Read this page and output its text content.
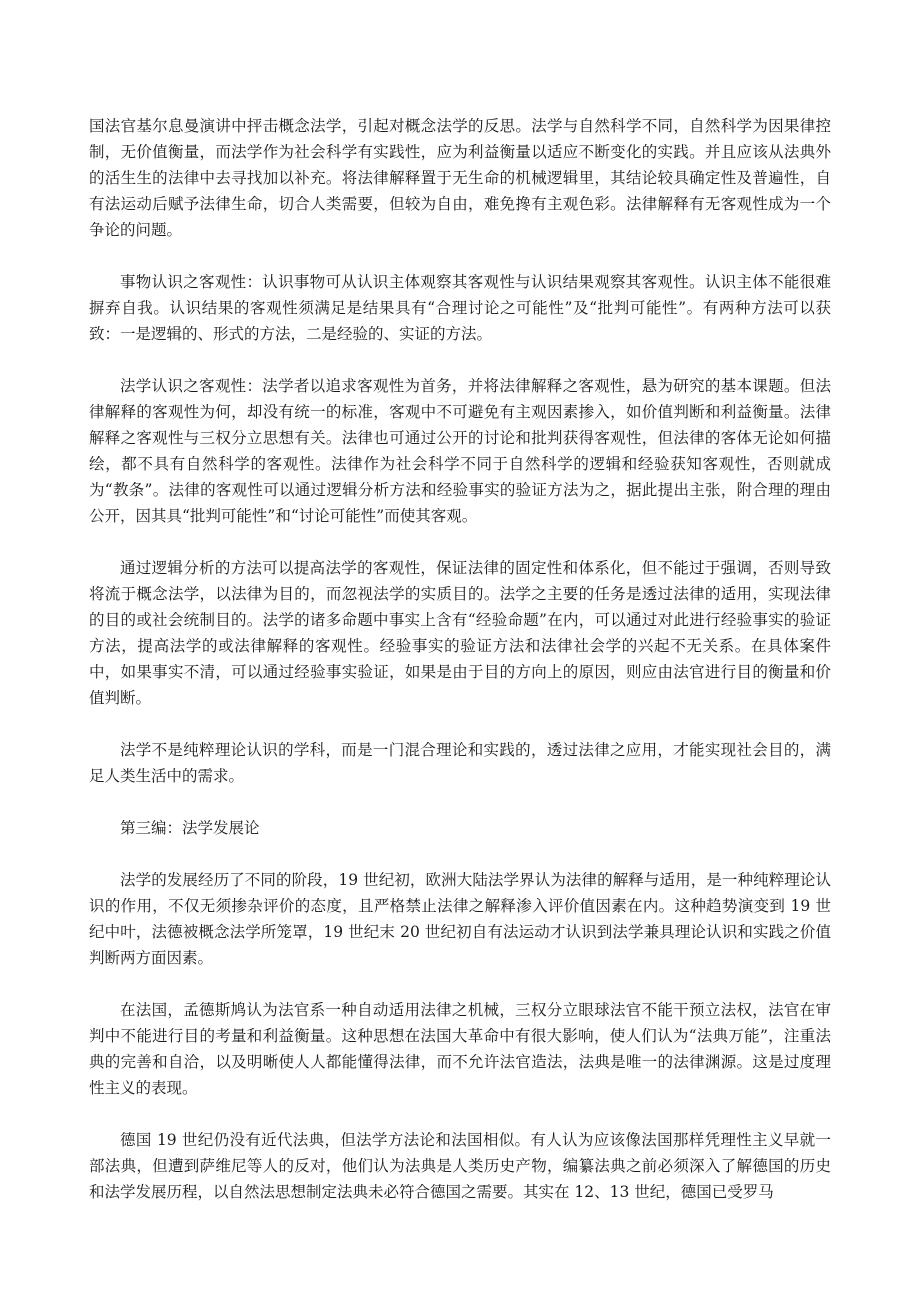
国法官基尔息曼演讲中抨击概念法学，引起对概念法学的反思。法学与自然科学不同，自然科学为因果律控制，无价值衡量，而法学作为社会科学有实践性，应为利益衡量以适应不断变化的实践。并且应该从法典外的活生生的法律中去寻找加以补充。将法律解释置于无生命的机械逻辑里，其结论较具确定性及普遍性，自有法运动后赋予法律生命，切合人类需要，但较为自由，难免搀有主观色彩。法律解释有无客观性成为一个争论的问题。

事物认识之客观性：认识事物可从认识主体观察其客观性与认识结果观察其客观性。认识主体不能很难摒弃自我。认识结果的客观性须满足是结果具有“合理讨论之可能性”及“批判可能性”。有两种方法可以获致：一是逻辑的、形式的方法，二是经验的、实证的方法。

法学认识之客观性：法学者以追求客观性为首务，并将法律解释之客观性，悬为研究的基本课题。但法律解释的客观性为何，却没有统一的标准，客观中不可避免有主观因素掺入，如价值判断和利益衡量。法律解释之客观性与三权分立思想有关。法律也可通过公开的讨论和批判获得客观性，但法律的客体无论如何描绘，都不具有自然科学的客观性。法律作为社会科学不同于自然科学的逻辑和经验获知客观性，否则就成为“教条”。法律的客观性可以通过逻辑分析方法和经验事实的验证方法为之，据此提出主张，附合理的理由公开，因其具“批判可能性”和“讨论可能性”而使其客观。

通过逻辑分析的方法可以提高法学的客观性，保证法律的固定性和体系化，但不能过于强调，否则导致将流于概念法学，以法律为目的，而忽视法学的实质目的。法学之主要的任务是透过法律的适用，实现法律的目的或社会统制目的。法学的诸多命题中事实上含有“经验命题”在内，可以通过对此进行经验事实的验证方法，提高法学的或法律解释的客观性。经验事实的验证方法和法律社会学的兴起不无关系。在具体案件中，如果事实不清，可以通过经验事实验证，如果是由于目的方向上的原因，则应由法官进行目的衡量和价值判断。

法学不是纯粹理论认识的学科，而是一门混合理论和实践的，透过法律之应用，才能实现社会目的，满足人类生活中的需求。

第三编：法学发展论

法学的发展经历了不同的阶段，19 世纪初，欧洲大陆法学界认为法律的解释与适用，是一种纯粹理论认识的作用，不仅无须掺杂评价的态度，且严格禁止法律之解释渗入评价值因素在内。这种趋势演变到 19 世纪中叶，法德被概念法学所笼罩，19 世纪末 20 世纪初自有法运动才认识到法学兼具理论认识和实践之价值判断两方面因素。

在法国，孟德斯鸠认为法官系一种自动适用法律之机械，三权分立眼球法官不能干预立法权，法官在审判中不能进行目的考量和利益衡量。这种思想在法国大革命中有很大影响，使人们认为“法典万能”，注重法典的完善和自洽，以及明晰使人人都能懂得法律，而不允许法官造法，法典是唯一的法律渊源。这是过度理性主义的表现。

德国 19 世纪仍没有近代法典，但法学方法论和法国相似。有人认为应该像法国那样凭理性主义早就一部法典，但遭到萨维尼等人的反对，他们认为法典是人类历史产物，编纂法典之前必须深入了解德国的历史和法学发展历程，以自然法思想制定法典未必符合德国之需要。其实在 12、13 世纪，德国已受罗马
